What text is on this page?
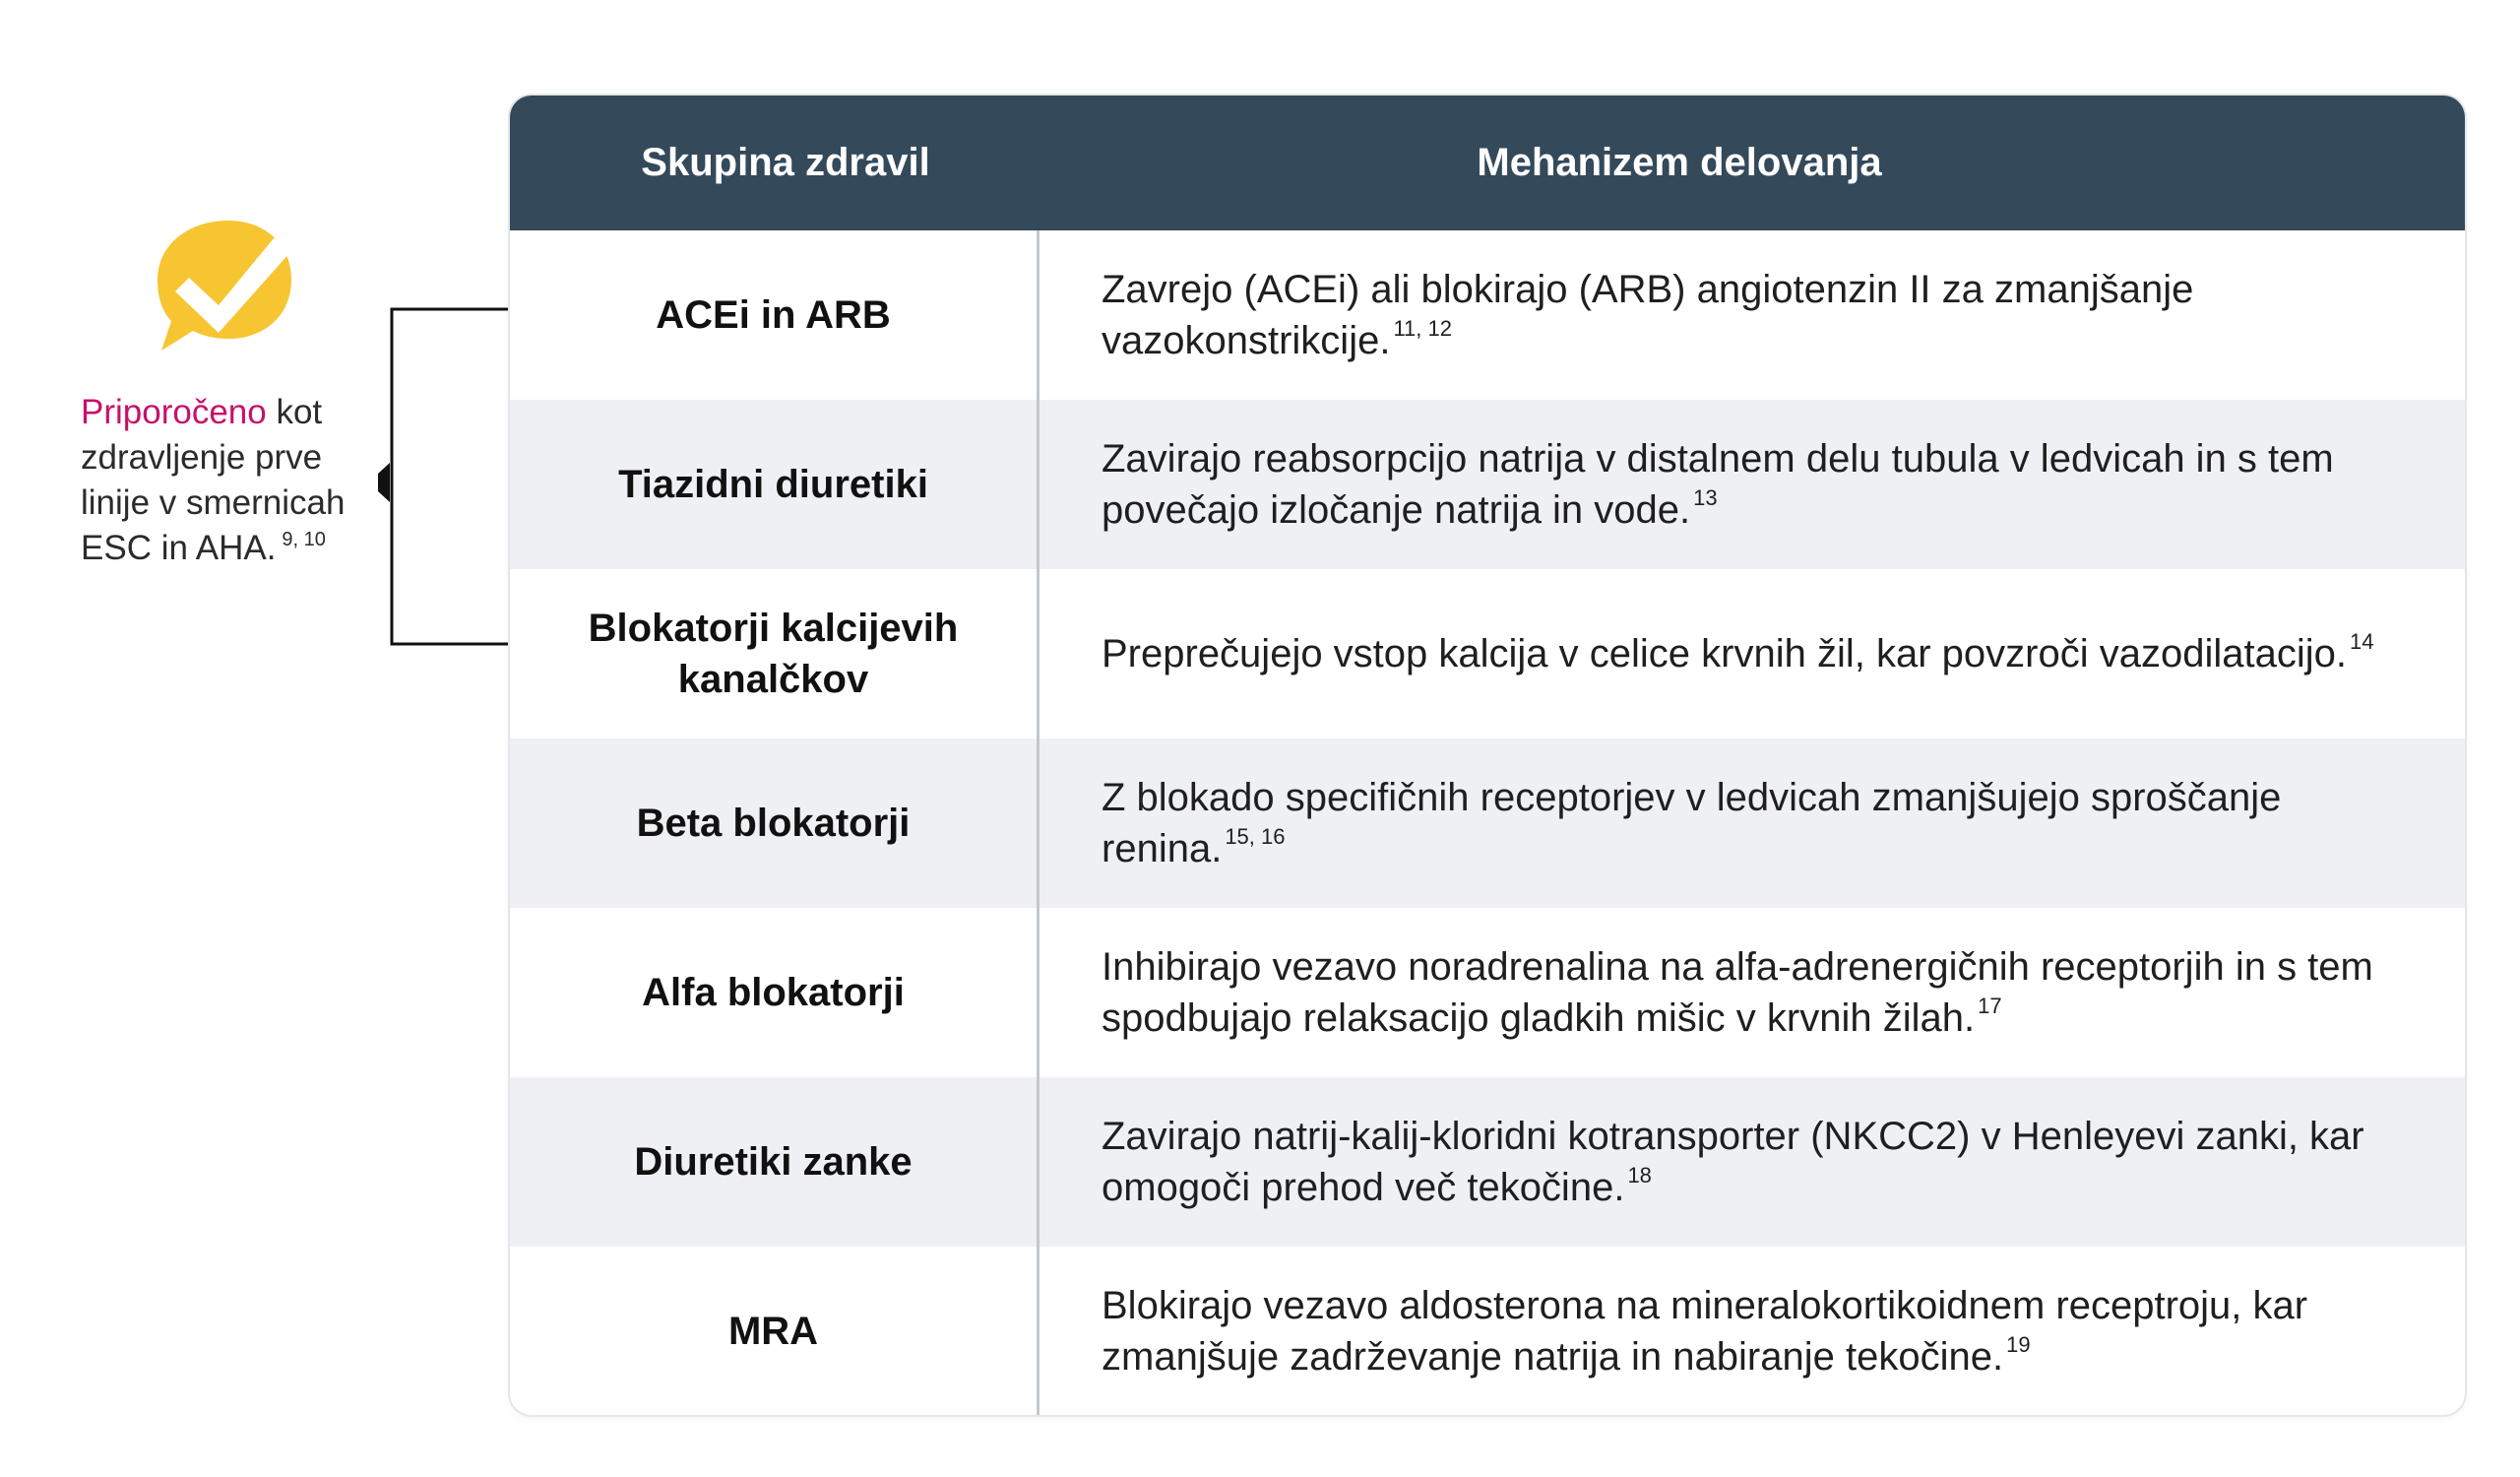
Priporočeno kot zdravljenje prve linije v smernicah ESC in AHA. $^{9, 10}$
Skupina zdravil	Mehanizem delovanja
ACEi in ARB
Zavrejo (ACEi) ali blokirajo (ARB) angiotenzin II za zmanjšanje vazokonstrikcije. $^{11, 12}$
Tiazidni diuretiki
Zavirajo reabsorpcijo natrija v distalnem delu tubula v ledvicah in s tem povečajo izločanje natrija in vode. $^{13}$
Blokatorji kalcijevih kanalčkov
Preprečujejo vstop kalcija v celice krvnih žil, kar povzroči vazodilatacijo. $^{14}$
Beta blokatorji
Z blokado specifičnih receptorjev v ledvicah zmanjšujejo sproščanje renina. $^{15, 16}$
Alfa blokatorji
Inhibirajo vezavo noradrenalina na alfa-adrenergičnih receptorjih in s tem spodbujajo relaksacijo gladkih mišic v krvnih žilah. $^{17}$
Diuretiki zanke
Zavirajo natrij-kalij-kloridni kotransporter (NKCC2) v Henleyevi zanki, kar omogoči prehod več tekočine. $^{18}$
MRA
Blokirajo vezavo aldosterona na mineralokortikoidnem receptroju, kar zmanjšuje zadrževanje natrija in nabiranje tekočine. $^{19}$
